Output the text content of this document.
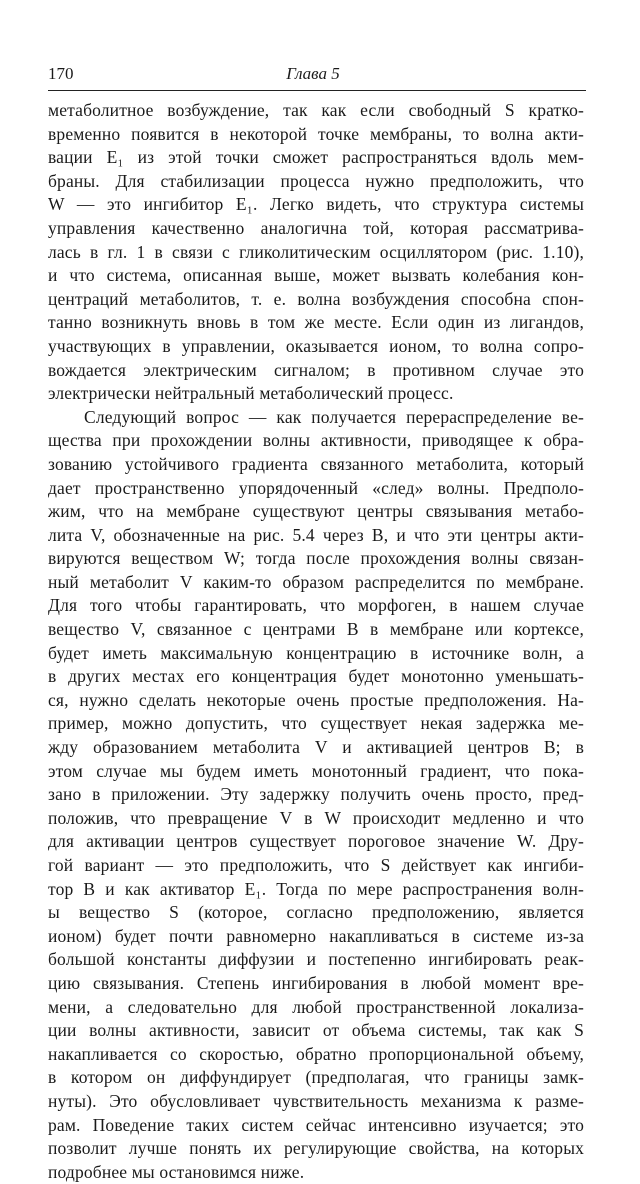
170	Глава 5
метаболитное возбуждение, так как если свободный S кратко-
временно появится в некоторой точке мембраны, то волна акти-
вации E₁ из этой точки сможет распространяться вдоль мем-
браны. Для стабилизации процесса нужно предположить, что
W — это ингибитор E₁. Легко видеть, что структура системы
управления качественно аналогична той, которая рассматрива-
лась в гл. 1 в связи с гликолитическим осциллятором (рис. 1.10),
и что система, описанная выше, может вызвать колебания кон-
центраций метаболитов, т. е. волна возбуждения способна спон-
танно возникнуть вновь в том же месте. Если один из лигандов,
участвующих в управлении, оказывается ионом, то волна сопро-
вождается электрическим сигналом; в противном случае это
электрически нейтральный метаболический процесс.
Следующий вопрос — как получается перераспределение ве-
щества при прохождении волны активности, приводящее к обра-
зованию устойчивого градиента связанного метаболита, который
дает пространственно упорядоченный «след» волны. Предполо-
жим, что на мембране существуют центры связывания метабо-
лита V, обозначенные на рис. 5.4 через B, и что эти центры акти-
вируются веществом W; тогда после прохождения волны связан-
ный метаболит V каким-то образом распределится по мембране.
Для того чтобы гарантировать, что морфоген, в нашем случае
вещество V, связанное с центрами B в мембране или кортексе,
будет иметь максимальную концентрацию в источнике волн, а
в других местах его концентрация будет монотонно уменьшать-
ся, нужно сделать некоторые очень простые предположения. На-
пример, можно допустить, что существует некая задержка ме-
жду образованием метаболита V и активацией центров B; в
этом случае мы будем иметь монотонный градиент, что пока-
зано в приложении. Эту задержку получить очень просто, пред-
положив, что превращение V в W происходит медленно и что
для активации центров существует пороговое значение W. Дру-
гой вариант — это предположить, что S действует как ингиби-
тор B и как активатор E₁. Тогда по мере распространения волн-
ы вещество S (которое, согласно предположению, является
ионом) будет почти равномерно накапливаться в системе из-за
большой константы диффузии и постепенно ингибировать реак-
цию связывания. Степень ингибирования в любой момент вре-
мени, а следовательно для любой пространственной локализа-
ции волны активности, зависит от объема системы, так как S
накапливается со скоростью, обратно пропорциональной объему,
в котором он диффундирует (предполагая, что границы замк-
нуты). Это обусловливает чувствительность механизма к разме-
рам. Поведение таких систем сейчас интенсивно изучается; это
позволит лучше понять их регулирующие свойства, на которых
подробнее мы остановимся ниже.
